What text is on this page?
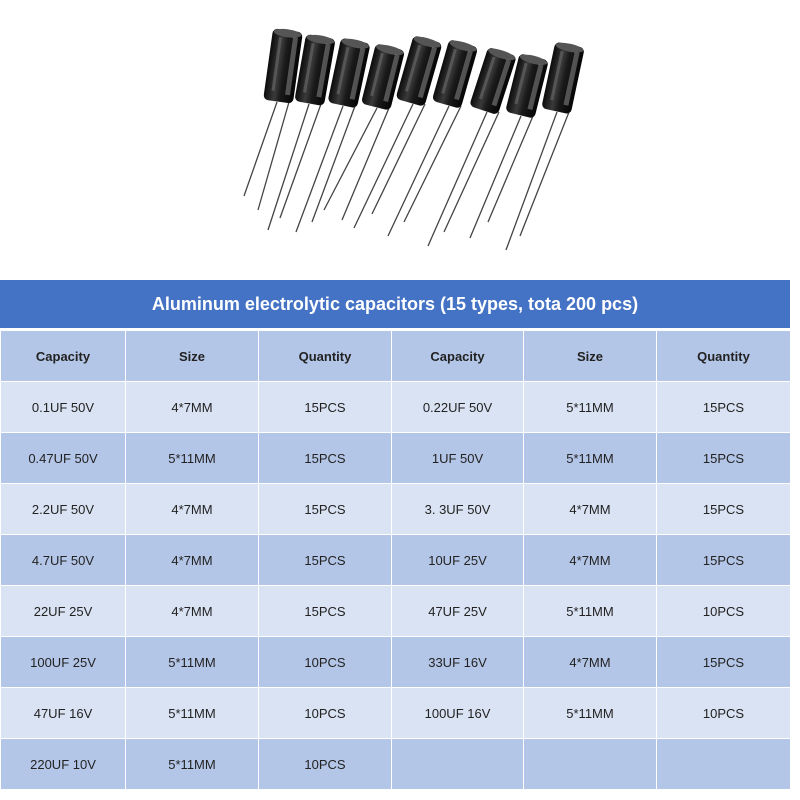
Aluminum electrolytic capacitors (15 types, tota 200 pcs)
Capacity	Size	Quantity	Capacity	Size	Quantity
0.1UF 50V	4*7MM	15PCS	0.22UF 50V	5*11MM	15PCS
0.47UF 50V	5*11MM	15PCS	1UF 50V	5*11MM	15PCS
2.2UF 50V	4*7MM	15PCS	3. 3UF 50V	4*7MM	15PCS
4.7UF 50V	4*7MM	15PCS	10UF 25V	4*7MM	15PCS
22UF 25V	4*7MM	15PCS	47UF 25V	5*11MM	10PCS
100UF 25V	5*11MM	10PCS	33UF 16V	4*7MM	15PCS
47UF 16V	5*11MM	10PCS	100UF 16V	5*11MM	10PCS
220UF 10V	5*11MM	10PCS			
